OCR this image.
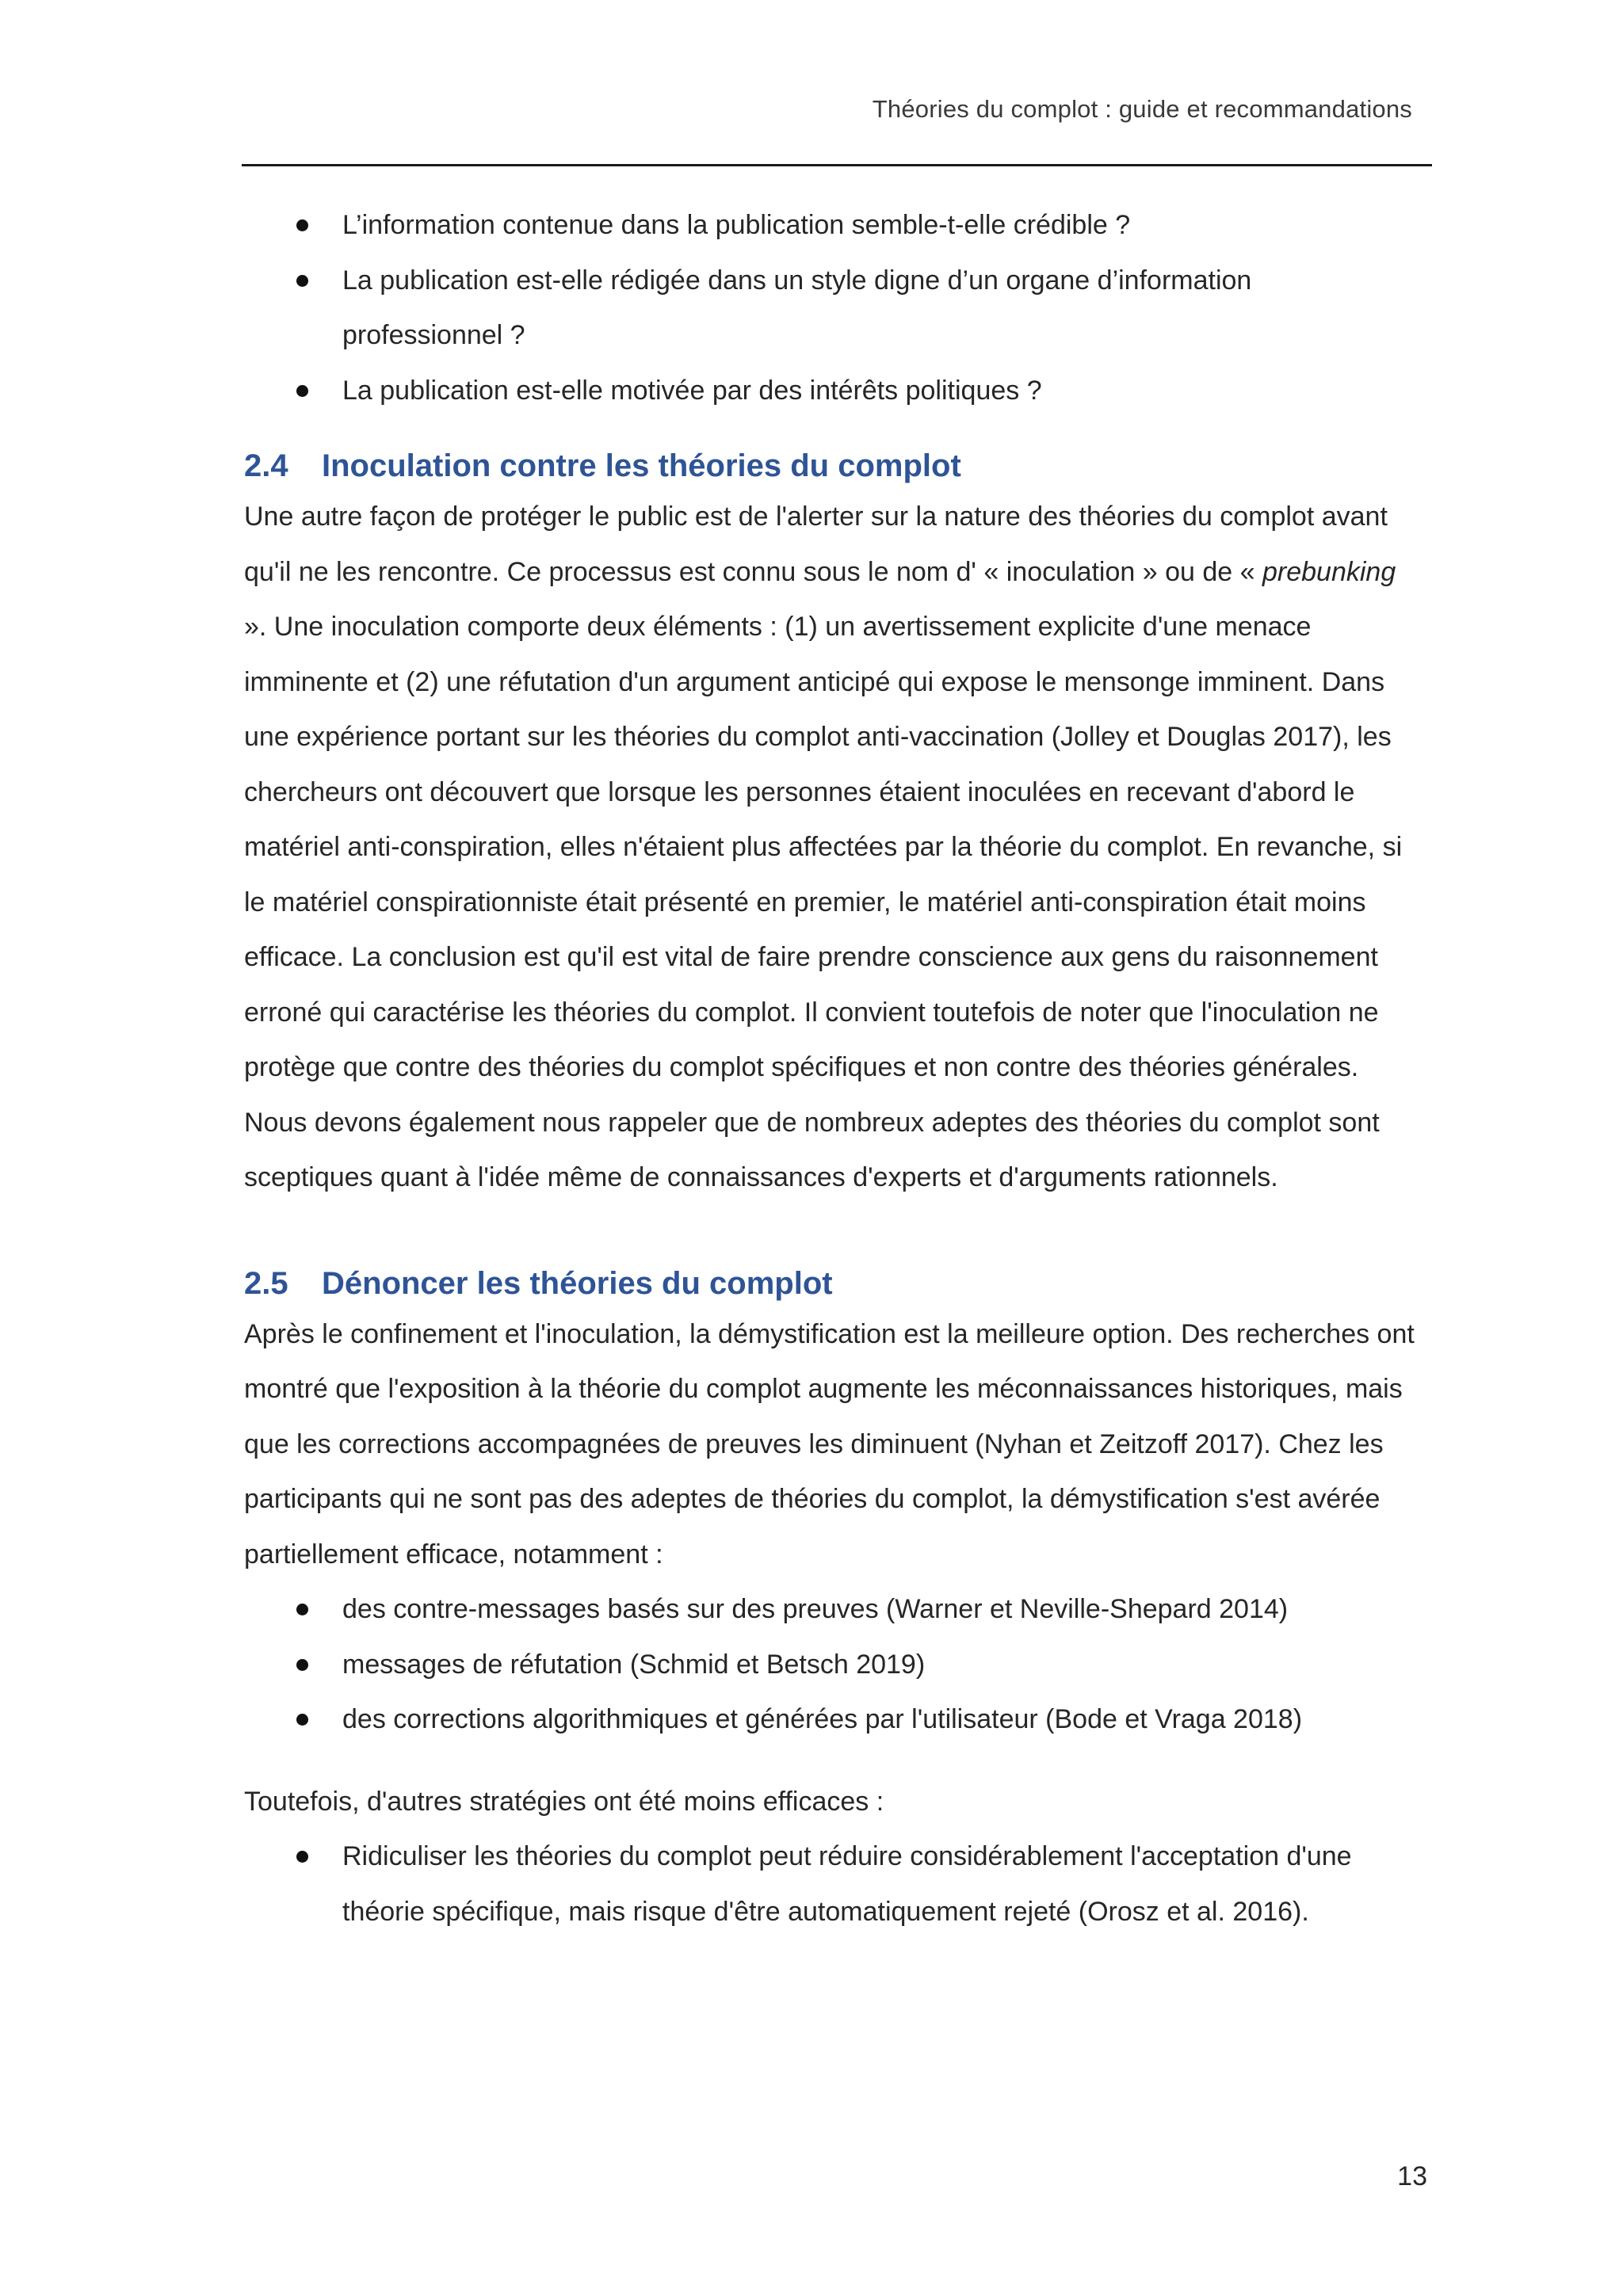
Théories du complot : guide et recommandations
L’information contenue dans la publication semble-t-elle crédible ?
La publication est-elle rédigée dans un style digne d’un organe d’information professionnel ?
La publication est-elle motivée par des intérêts politiques ?
2.4 Inoculation contre les théories du complot

Une autre façon de protéger le public est de l'alerter sur la nature des théories du complot avant qu'il ne les rencontre. Ce processus est connu sous le nom d' « inoculation » ou de « prebunking ». Une inoculation comporte deux éléments : (1) un avertissement explicite d'une menace imminente et (2) une réfutation d'un argument anticipé qui expose le mensonge imminent. Dans une expérience portant sur les théories du complot anti-vaccination (Jolley et Douglas 2017), les chercheurs ont découvert que lorsque les personnes étaient inoculées en recevant d'abord le matériel anti-conspiration, elles n'étaient plus affectées par la théorie du complot. En revanche, si le matériel conspirationniste était présenté en premier, le matériel anti-conspiration était moins efficace. La conclusion est qu'il est vital de faire prendre conscience aux gens du raisonnement erroné qui caractérise les théories du complot. Il convient toutefois de noter que l'inoculation ne protège que contre des théories du complot spécifiques et non contre des théories générales. Nous devons également nous rappeler que de nombreux adeptes des théories du complot sont sceptiques quant à l'idée même de connaissances d'experts et d'arguments rationnels.

2.5 Dénoncer les théories du complot

Après le confinement et l'inoculation, la démystification est la meilleure option. Des recherches ont montré que l'exposition à la théorie du complot augmente les méconnaissances historiques, mais que les corrections accompagnées de preuves les diminuent (Nyhan et Zeitzoff 2017). Chez les participants qui ne sont pas des adeptes de théories du complot, la démystification s'est avérée partiellement efficace, notamment :

des contre-messages basés sur des preuves (Warner et Neville-Shepard 2014)
messages de réfutation (Schmid et Betsch 2019)
des corrections algorithmiques et générées par l'utilisateur (Bode et Vraga 2018)

Toutefois, d'autres stratégies ont été moins efficaces :

Ridiculiser les théories du complot peut réduire considérablement l'acceptation d'une théorie spécifique, mais risque d'être automatiquement rejeté (Orosz et al. 2016).
13
